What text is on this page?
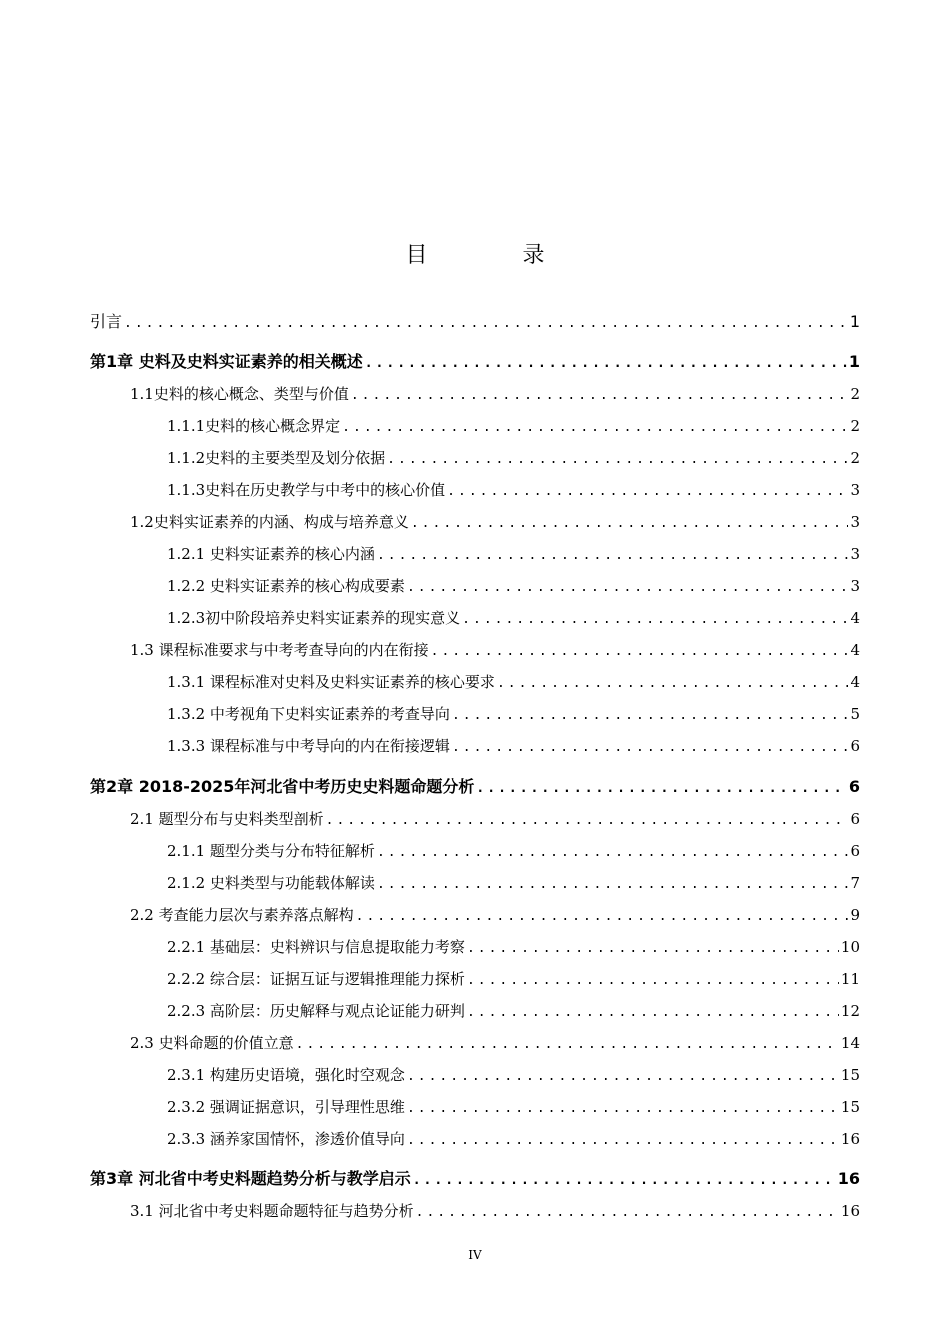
目 录
引言 .....	1
第1章 史料及史料实证素养的相关概述 .....	1
1.1史料的核心概念、类型与价值 .....	2
1.1.1史料的核心概念界定 .....	2
1.1.2史料的主要类型及划分依据 .....	2
1.1.3史料在历史教学与中考中的核心价值 .....	3
1.2史料实证素养的内涵、构成与培养意义 .....	3
1.2.1 史料实证素养的核心内涵 .....	3
1.2.2 史料实证素养的核心构成要素 .....	3
1.2.3初中阶段培养史料实证素养的现实意义 .....	4
1.3 课程标准要求与中考考查导向的内在衔接 .....	4
1.3.1 课程标准对史料及史料实证素养的核心要求 .....	4
1.3.2 中考视角下史料实证素养的考查导向 .....	5
1.3.3 课程标准与中考导向的内在衔接逻辑 .....	6
第2章 2018-2025年河北省中考历史史料题命题分析 .....	6
2.1 题型分布与史料类型剖析 .....	6
2.1.1 题型分类与分布特征解析 .....	6
2.1.2 史料类型与功能载体解读 .....	7
2.2 考查能力层次与素养落点解构 .....	9
2.2.1 基础层：史料辨识与信息提取能力考察 .....	10
2.2.2 综合层：证据互证与逻辑推理能力探析 .....	11
2.2.3 高阶层：历史解释与观点论证能力研判 .....	12
2.3 史料命题的价值立意 .....	14
2.3.1 构建历史语境，强化时空观念 .....	15
2.3.2 强调证据意识，引导理性思维 .....	15
2.3.3 涵养家国情怀，渗透价值导向 .....	16
第3章 河北省中考史料题趋势分析与教学启示 .....	16
3.1 河北省中考史料题命题特征与趋势分析 .....	16
IV
